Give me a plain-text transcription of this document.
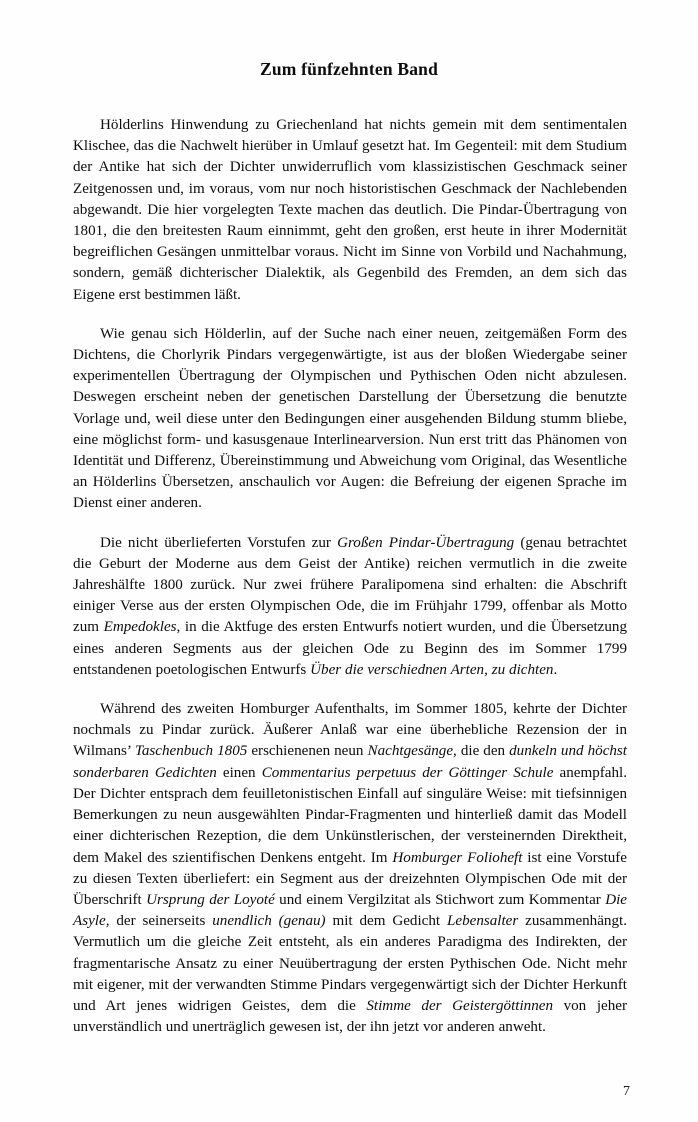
Zum fünfzehnten Band

Hölderlins Hinwendung zu Griechenland hat nichts gemein mit dem sentimentalen Klischee, das die Nachwelt hierüber in Umlauf gesetzt hat. Im Gegenteil: mit dem Studium der Antike hat sich der Dichter unwiderruflich vom klassizistischen Geschmack seiner Zeitgenossen und, im voraus, vom nur noch historistischen Geschmack der Nachlebenden abgewandt. Die hier vorgelegten Texte machen das deutlich. Die Pindar-Übertragung von 1801, die den breitesten Raum einnimmt, geht den großen, erst heute in ihrer Modernität begreiflichen Gesängen unmittelbar voraus. Nicht im Sinne von Vorbild und Nachahmung, sondern, gemäß dichterischer Dialektik, als Gegenbild des Fremden, an dem sich das Eigene erst bestimmen läßt.

Wie genau sich Hölderlin, auf der Suche nach einer neuen, zeitgemäßen Form des Dichtens, die Chorlyrik Pindars vergegenwärtigte, ist aus der bloßen Wiedergabe seiner experimentellen Übertragung der Olympischen und Pythischen Oden nicht abzulesen. Deswegen erscheint neben der genetischen Darstellung der Übersetzung die benutzte Vorlage und, weil diese unter den Bedingungen einer ausgehenden Bildung stumm bliebe, eine möglichst form- und kasusgenaue Interlinearversion. Nun erst tritt das Phänomen von Identität und Differenz, Übereinstimmung und Abweichung vom Original, das Wesentliche an Hölderlins Übersetzen, anschaulich vor Augen: die Befreiung der eigenen Sprache im Dienst einer anderen.

Die nicht überlieferten Vorstufen zur Großen Pindar-Übertragung (genau betrachtet die Geburt der Moderne aus dem Geist der Antike) reichen vermutlich in die zweite Jahreshälfte 1800 zurück. Nur zwei frühere Paralipomena sind erhalten: die Abschrift einiger Verse aus der ersten Olympischen Ode, die im Frühjahr 1799, offenbar als Motto zum Empedokles, in die Aktfuge des ersten Entwurfs notiert wurden, und die Übersetzung eines anderen Segments aus der gleichen Ode zu Beginn des im Sommer 1799 entstandenen poetologischen Entwurfs Über die verschiednen Arten, zu dichten.

Während des zweiten Homburger Aufenthalts, im Sommer 1805, kehrte der Dichter nochmals zu Pindar zurück. Äußerer Anlaß war eine überhebliche Rezension der in Wilmans’ Taschenbuch 1805 erschienenen neun Nachtgesänge, die den dunkeln und höchst sonderbaren Gedichten einen Commentarius perpetuus der Göttinger Schule anempfahl. Der Dichter entsprach dem feuilletonistischen Einfall auf singuläre Weise: mit tiefsinnigen Bemerkungen zu neun ausgewählten Pindar-Fragmenten und hinterließ damit das Modell einer dichterischen Rezeption, die dem Unkünstlerischen, der versteinernden Direktheit, dem Makel des szientifischen Denkens entgeht. Im Homburger Folioheft ist eine Vorstufe zu diesen Texten überliefert: ein Segment aus der dreizehnten Olympischen Ode mit der Überschrift Ursprung der Loyoté und einem Vergilzitat als Stichwort zum Kommentar Die Asyle, der seinerseits unendlich (genau) mit dem Gedicht Lebensalter zusammenhängt. Vermutlich um die gleiche Zeit entsteht, als ein anderes Paradigma des Indirekten, der fragmentarische Ansatz zu einer Neuübertragung der ersten Pythischen Ode. Nicht mehr mit eigener, mit der verwandten Stimme Pindars vergegenwärtigt sich der Dichter Herkunft und Art jenes widrigen Geistes, dem die Stimme der Geistergöttinnen von jeher unverständlich und unerträglich gewesen ist, der ihn jetzt vor anderen anweht.

7
